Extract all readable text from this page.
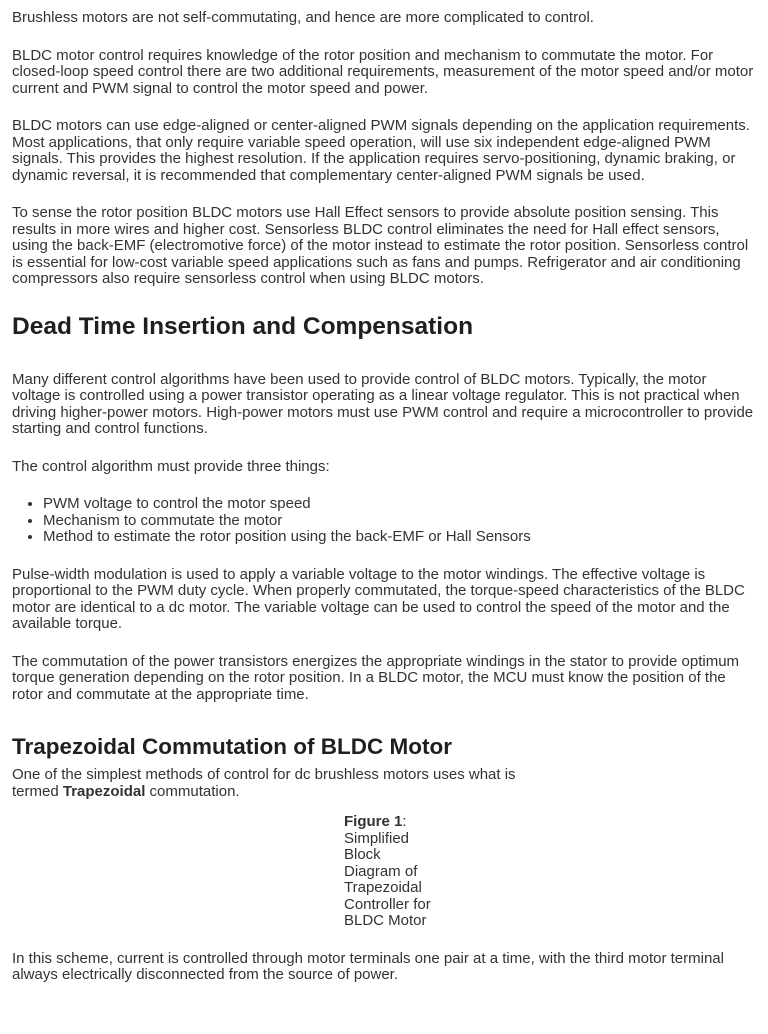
Brushless motors are not self-commutating, and hence are more complicated to control.

BLDC motor control requires knowledge of the rotor position and mechanism to commutate the motor. For closed-loop speed control there are two additional requirements, measurement of the motor speed and/or motor current and PWM signal to control the motor speed and power.

BLDC motors can use edge-aligned or center-aligned PWM signals depending on the application requirements. Most applications, that only require variable speed operation, will use six independent edge-aligned PWM signals. This provides the highest resolution. If the application requires servo-positioning, dynamic braking, or dynamic reversal, it is recommended that complementary center-aligned PWM signals be used.

To sense the rotor position BLDC motors use Hall Effect sensors to provide absolute position sensing. This results in more wires and higher cost. Sensorless BLDC control eliminates the need for Hall effect sensors, using the back-EMF (electromotive force) of the motor instead to estimate the rotor position. Sensorless control is essential for low-cost variable speed applications such as fans and pumps. Refrigerator and air conditioning compressors also require sensorless control when using BLDC motors.

Dead Time Insertion and Compensation

Many different control algorithms have been used to provide control of BLDC motors. Typically, the motor voltage is controlled using a power transistor operating as a linear voltage regulator. This is not practical when driving higher-power motors. High-power motors must use PWM control and require a microcontroller to provide starting and control functions.

The control algorithm must provide three things:

• PWM voltage to control the motor speed
• Mechanism to commutate the motor
• Method to estimate the rotor position using the back-EMF or Hall Sensors

Pulse-width modulation is used to apply a variable voltage to the motor windings. The effective voltage is proportional to the PWM duty cycle. When properly commutated, the torque-speed characteristics of the BLDC motor are identical to a dc motor. The variable voltage can be used to control the speed of the motor and the available torque.

The commutation of the power transistors energizes the appropriate windings in the stator to provide optimum torque generation depending on the rotor position. In a BLDC motor, the MCU must know the position of the rotor and commutate at the appropriate time.

Trapezoidal Commutation of BLDC Motor

One of the simplest methods of control for dc brushless motors uses what is termed Trapezoidal commutation.

Figure 1: Simplified Block Diagram of Trapezoidal Controller for BLDC Motor

In this scheme, current is controlled through motor terminals one pair at a time, with the third motor terminal always electrically disconnected from the source of power.
